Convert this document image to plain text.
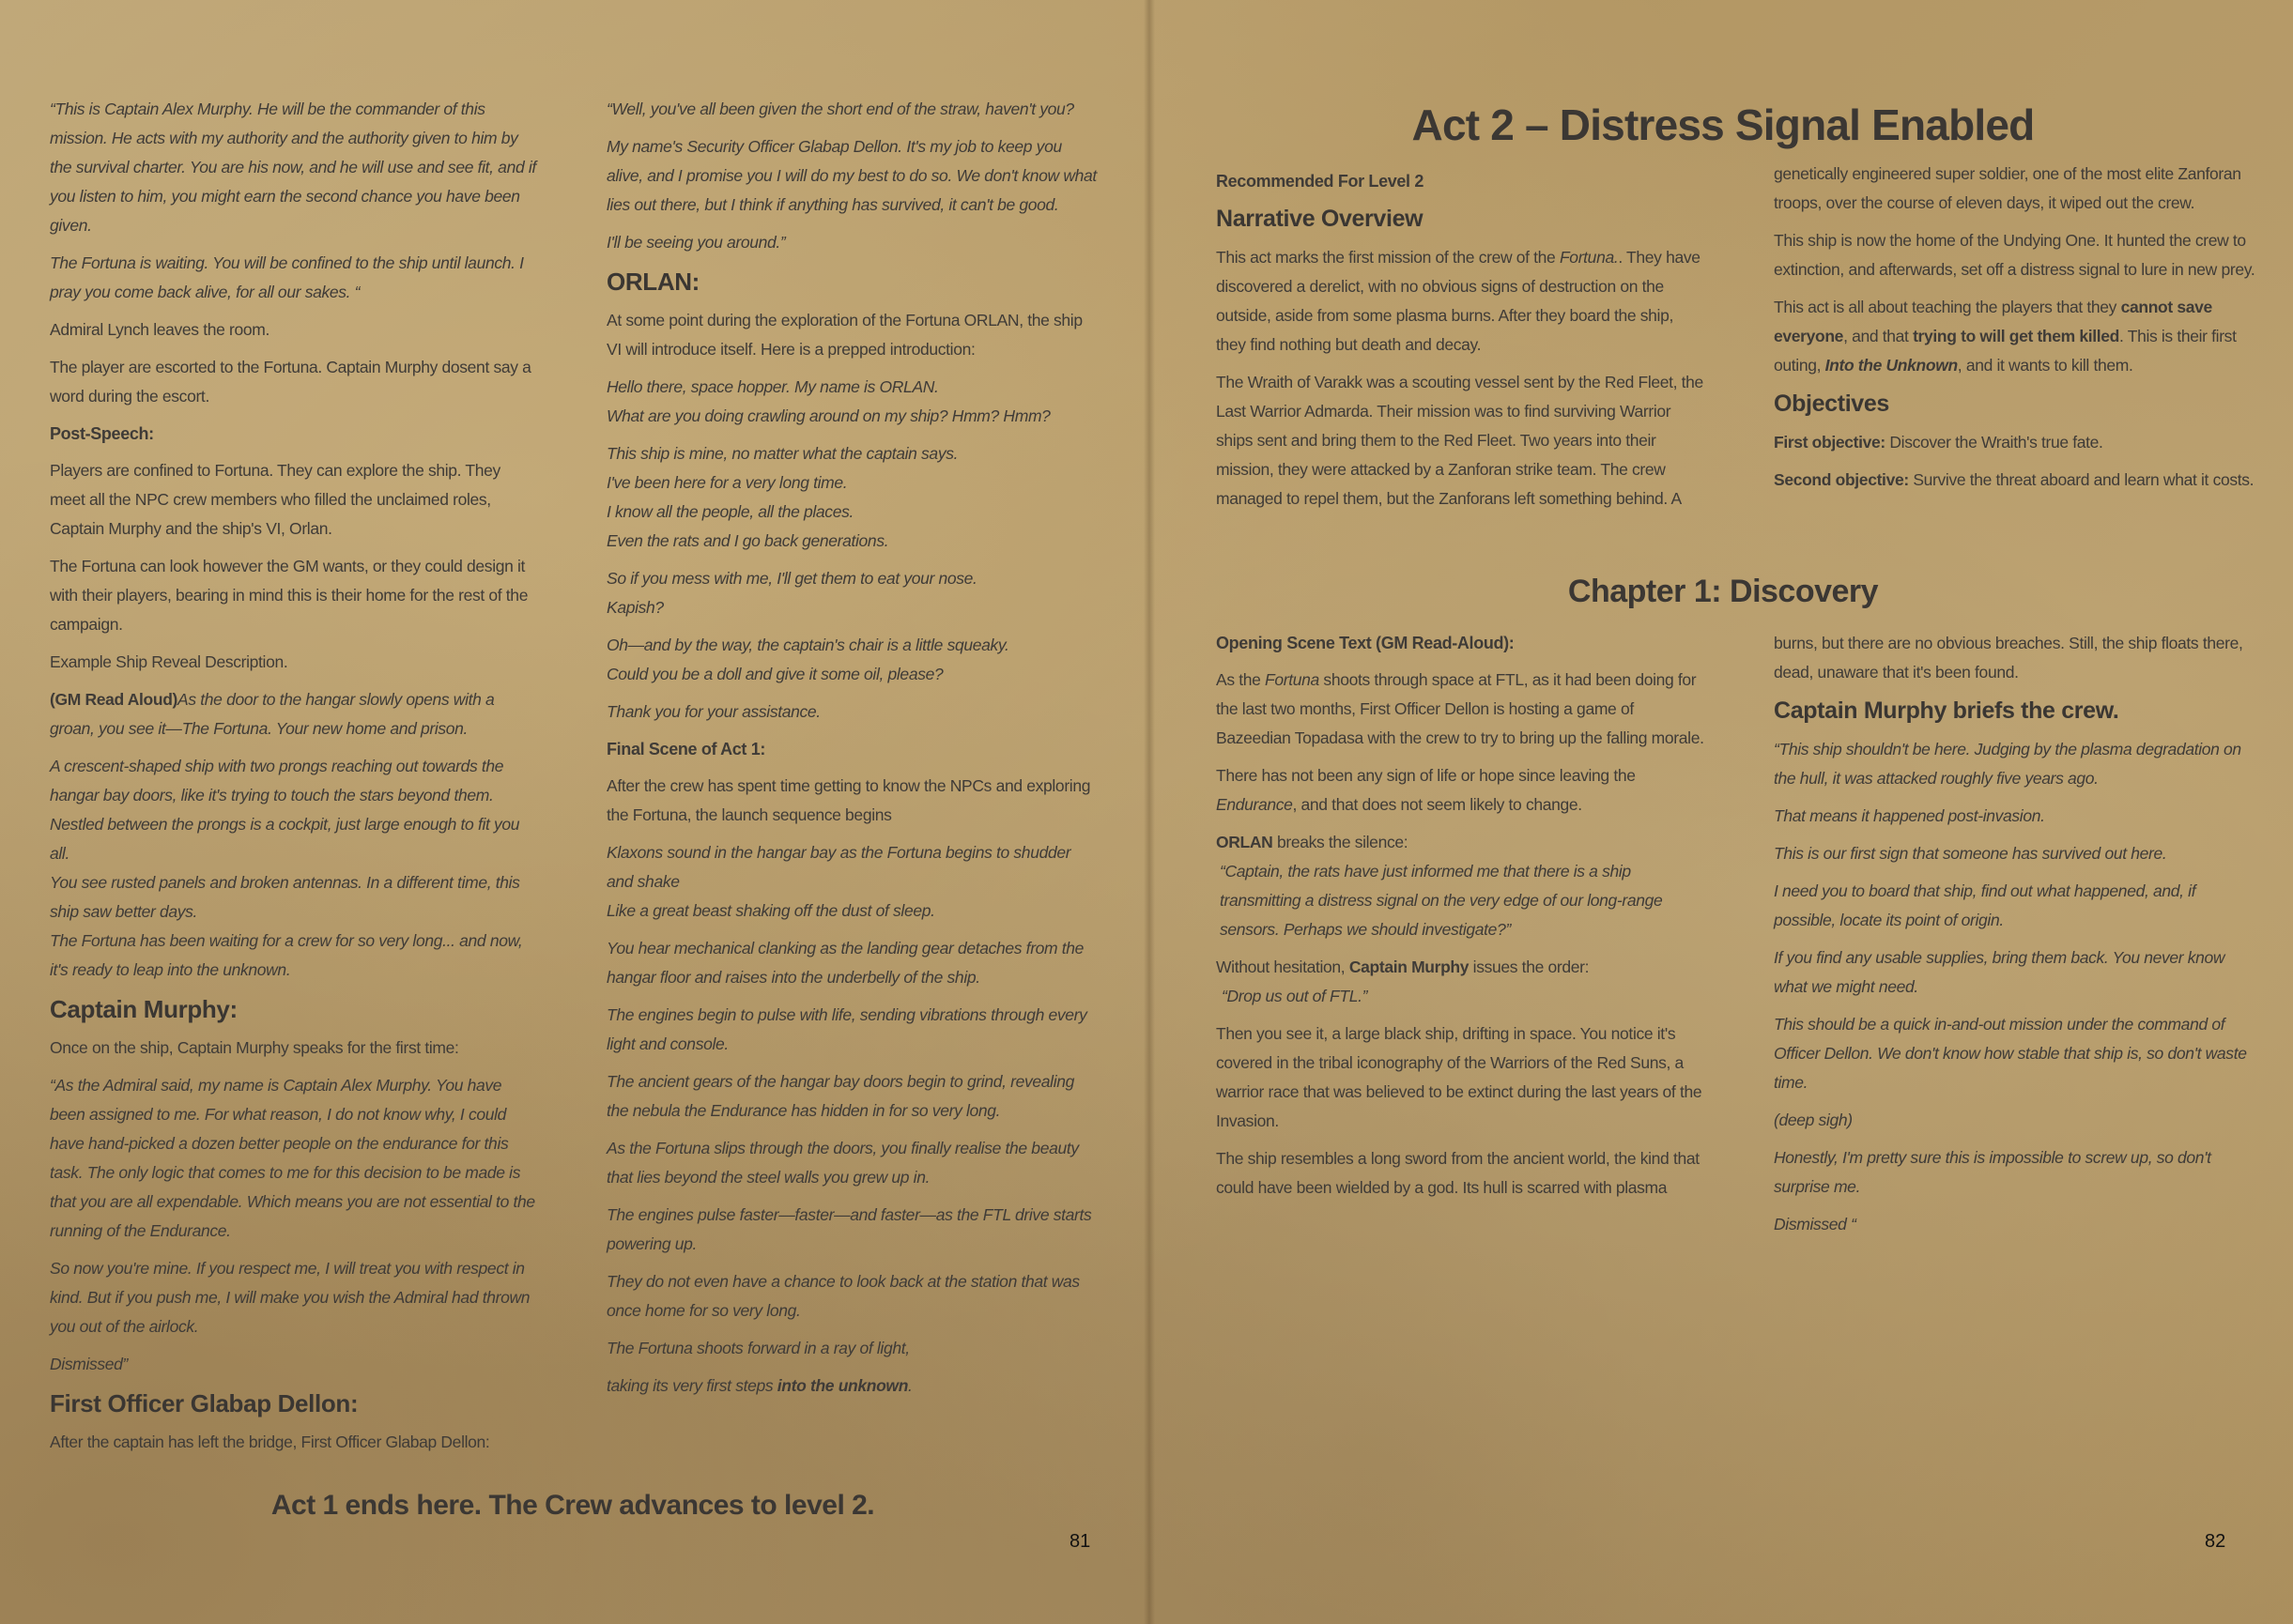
“This is Captain Alex Murphy. He will be the commander of this mission. He acts with my authority and the authority given to him by the survival charter. You are his now, and he will use and see fit, and if you listen to him, you might earn the second chance you have been given.

The Fortuna is waiting. You will be confined to the ship until launch. I pray you come back alive, for all our sakes. “

Admiral Lynch leaves the room.

The player are escorted to the Fortuna. Captain Murphy dosent say a word during the escort.

Post-Speech:

Players are confined to Fortuna. They can explore the ship. They meet all the NPC crew members who filled the unclaimed roles, Captain Murphy and the ship's VI, Orlan.

The Fortuna can look however the GM wants, or they could design it with their players, bearing in mind this is their home for the rest of the campaign.

Example Ship Reveal Description.

(GM Read Aloud)As the door to the hangar slowly opens with a groan, you see it—The Fortuna. Your new home and prison.

A crescent-shaped ship with two prongs reaching out towards the hangar bay doors, like it's trying to touch the stars beyond them. Nestled between the prongs is a cockpit, just large enough to fit you all.

You see rusted panels and broken antennas. In a different time, this ship saw better days.

The Fortuna has been waiting for a crew for so very long... and now, it's ready to leap into the unknown.

Captain Murphy:

Once on the ship, Captain Murphy speaks for the first time:

“As the Admiral said, my name is Captain Alex Murphy. You have been assigned to me. For what reason, I do not know why, I could have hand-picked a dozen better people on the endurance for this task. The only logic that comes to me for this decision to be made is that you are all expendable. Which means you are not essential to the running of the Endurance.

So now you're mine. If you respect me, I will treat you with respect in kind. But if you push me, I will make you wish the Admiral had thrown you out of the airlock.

Dismissed”

First Officer Glabap Dellon:

After the captain has left the bridge, First Officer Glabap Dellon:

“Well, you've all been given the short end of the straw, haven't you?

My name's Security Officer Glabap Dellon. It's my job to keep you alive, and I promise you I will do my best to do so. We don't know what lies out there, but I think if anything has survived, it can't be good.

I'll be seeing you around.”

ORLAN:

At some point during the exploration of the Fortuna ORLAN, the ship VI will introduce itself. Here is a prepped introduction:

Hello there, space hopper. My name is ORLAN.

What are you doing crawling around on my ship? Hmm? Hmm?

This ship is mine, no matter what the captain says.

I've been here for a very long time.

I know all the people, all the places.

Even the rats and I go back generations.

So if you mess with me, I'll get them to eat your nose.

Kapish?

Oh—and by the way, the captain's chair is a little squeaky.

Could you be a doll and give it some oil, please?

Thank you for your assistance.

Final Scene of Act 1:

After the crew has spent time getting to know the NPCs and exploring the Fortuna, the launch sequence begins

Klaxons sound in the hangar bay as the Fortuna begins to shudder and shake

Like a great beast shaking off the dust of sleep.

You hear mechanical clanking as the landing gear detaches from the hangar floor and raises into the underbelly of the ship.

The engines begin to pulse with life, sending vibrations through every light and console.

The ancient gears of the hangar bay doors begin to grind, revealing the nebula the Endurance has hidden in for so very long.

As the Fortuna slips through the doors, you finally realise the beauty that lies beyond the steel walls you grew up in.

The engines pulse faster—faster—and faster—as the FTL drive starts powering up.

They do not even have a chance to look back at the station that was once home for so very long.

The Fortuna shoots forward in a ray of light,

taking its very first steps into the unknown.

Act 1 ends here. The Crew advances to level 2.
81
Act 2 – Distress Signal Enabled

Recommended For Level 2

Narrative Overview

This act marks the first mission of the crew of the Fortuna.. They have discovered a derelict, with no obvious signs of destruction on the outside, aside from some plasma burns. After they board the ship, they find nothing but death and decay.

The Wraith of Varakk was a scouting vessel sent by the Red Fleet, the Last Warrior Admarda. Their mission was to find surviving Warrior ships sent and bring them to the Red Fleet. Two years into their mission, they were attacked by a Zanforan strike team. The crew managed to repel them, but the Zanforans left something behind. A

genetically engineered super soldier, one of the most elite Zanforan troops, over the course of eleven days, it wiped out the crew.

This ship is now the home of the Undying One. It hunted the crew to extinction, and afterwards, set off a distress signal to lure in new prey.

This act is all about teaching the players that they cannot save everyone, and that trying to will get them killed. This is their first outing, Into the Unknown, and it wants to kill them.

Objectives

First objective: Discover the Wraith's true fate.

Second objective: Survive the threat aboard and learn what it costs.

Chapter 1: Discovery

Opening Scene Text (GM Read-Aloud):

As the Fortuna shoots through space at FTL, as it had been doing for the last two months, First Officer Dellon is hosting a game of Bazeedian Topadasa with the crew to try to bring up the falling morale.

There has not been any sign of life or hope since leaving the Endurance, and that does not seem likely to change.

ORLAN breaks the silence:

“Captain, the rats have just informed me that there is a ship transmitting a distress signal on the very edge of our long-range sensors. Perhaps we should investigate?”

Without hesitation, Captain Murphy issues the order:

“Drop us out of FTL.”

Then you see it, a large black ship, drifting in space. You notice it's covered in the tribal iconography of the Warriors of the Red Suns, a warrior race that was believed to be extinct during the last years of the Invasion.

The ship resembles a long sword from the ancient world, the kind that could have been wielded by a god. Its hull is scarred with plasma

burns, but there are no obvious breaches. Still, the ship floats there, dead, unaware that it's been found.

Captain Murphy briefs the crew.

“This ship shouldn't be here. Judging by the plasma degradation on the hull, it was attacked roughly five years ago.

That means it happened post-invasion.

This is our first sign that someone has survived out here.

I need you to board that ship, find out what happened, and, if possible, locate its point of origin.

If you find any usable supplies, bring them back. You never know what we might need.

This should be a quick in-and-out mission under the command of Officer Dellon. We don't know how stable that ship is, so don't waste time.

(deep sigh)

Honestly, I'm pretty sure this is impossible to screw up, so don't surprise me.

Dismissed “

82
